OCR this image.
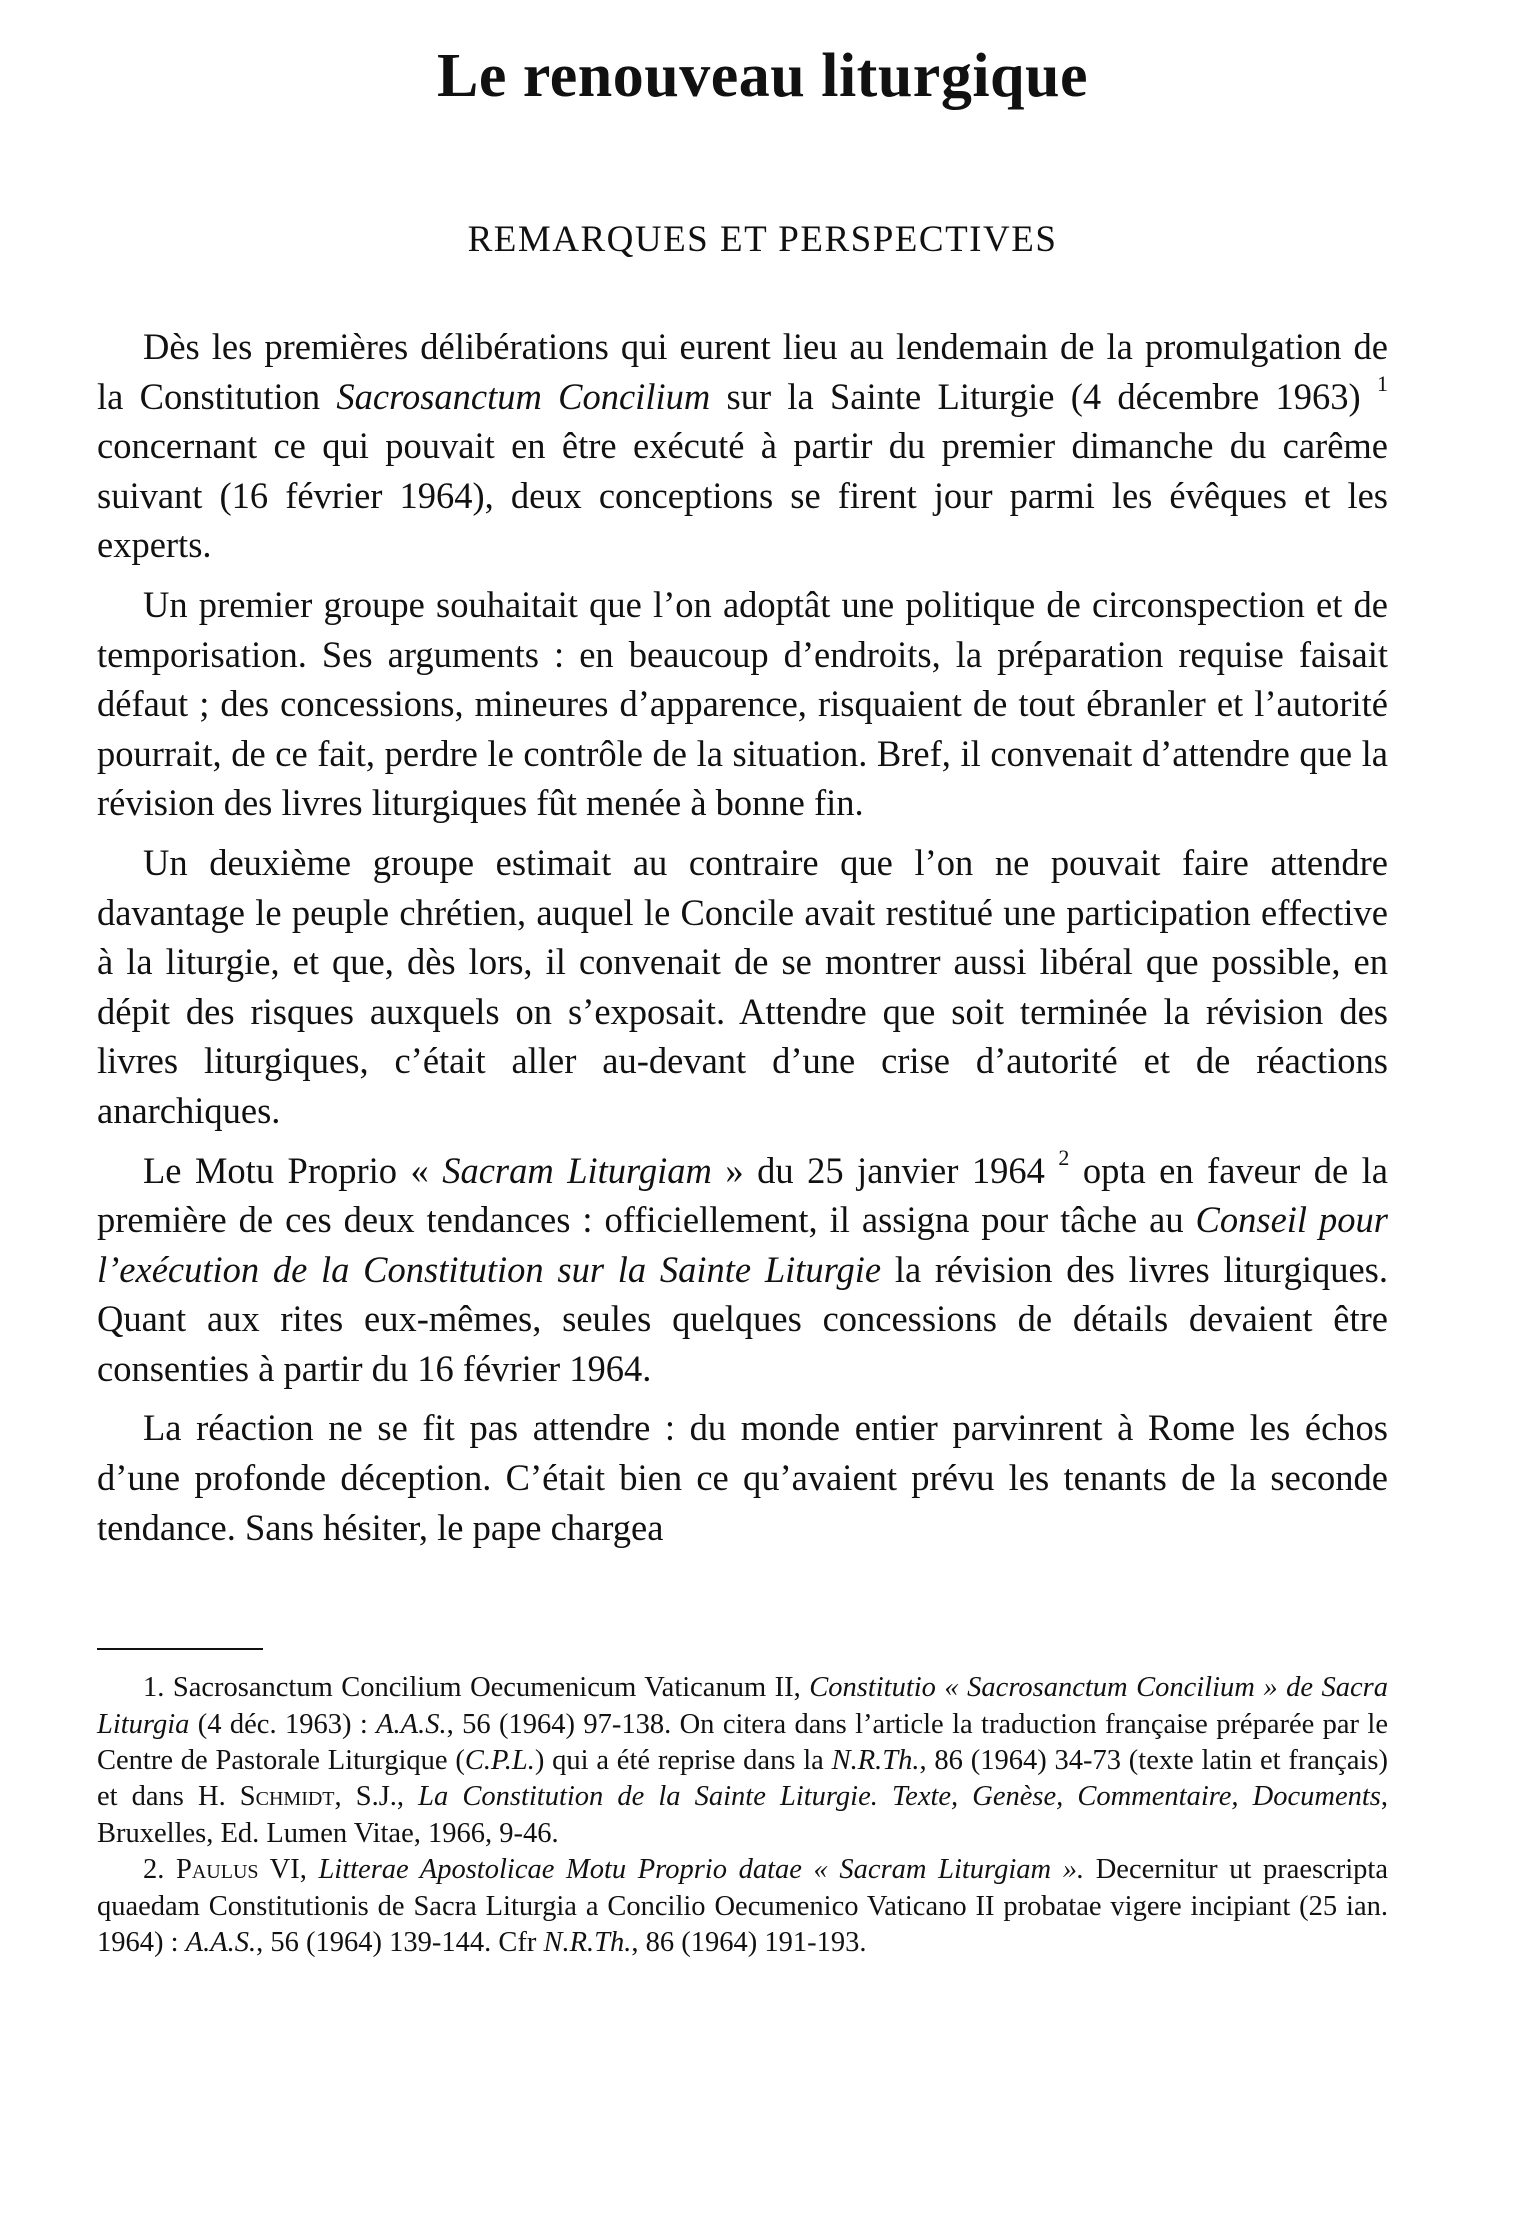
Le renouveau liturgique
REMARQUES ET PERSPECTIVES

Dès les premières délibérations qui eurent lieu au lendemain de la promulgation de la Constitution Sacrosanctum Concilium sur la Sainte Liturgie (4 décembre 1963) $^1$ concernant ce qui pouvait en être exécuté à partir du premier dimanche du carême suivant (16 février 1964), deux conceptions se firent jour parmi les évêques et les experts.

Un premier groupe souhaitait que l’on adoptât une politique de circonspection et de temporisation. Ses arguments : en beaucoup d’endroits, la préparation requise faisait défaut ; des concessions, mineures d’apparence, risquaient de tout ébranler et l’autorité pourrait, de ce fait, perdre le contrôle de la situation. Bref, il convenait d’attendre que la révision des livres liturgiques fût menée à bonne fin.

Un deuxième groupe estimait au contraire que l’on ne pouvait faire attendre davantage le peuple chrétien, auquel le Concile avait restitué une participation effective à la liturgie, et que, dès lors, il convenait de se montrer aussi libéral que possible, en dépit des risques auxquels on s’exposait. Attendre que soit terminée la révision des livres liturgiques, c’était aller au-devant d’une crise d’autorité et de réactions anarchiques.

Le Motu Proprio « Sacram Liturgiam » du 25 janvier 1964 $^2$ opta en faveur de la première de ces deux tendances : officiellement, il assigna pour tâche au Conseil pour l’exécution de la Constitution sur la Sainte Liturgie la révision des livres liturgiques. Quant aux rites eux-mêmes, seules quelques concessions de détails devaient être consenties à partir du 16 février 1964.

La réaction ne se fit pas attendre : du monde entier parvinrent à Rome les échos d’une profonde déception. C’était bien ce qu’avaient prévu les tenants de la seconde tendance. Sans hésiter, le pape chargea

1. Sacrosanctum Concilium Oecumenicum Vaticanum II, Constitutio « Sacrosanctum Concilium » de Sacra Liturgia (4 déc. 1963) : A.A.S., 56 (1964) 97-138. On citera dans l’article la traduction française préparée par le Centre de Pastorale Liturgique (C.P.L.) qui a été reprise dans la N.R.Th., 86 (1964) 34-73 (texte latin et français) et dans H. Schmidt, S.J., La Constitution de la Sainte Liturgie. Texte, Genèse, Commentaire, Documents, Bruxelles, Ed. Lumen Vitae, 1966, 9-46.

2. Paulus VI, Litterae Apostolicae Motu Proprio datae « Sacram Liturgiam ». Decernitur ut praescripta quaedam Constitutionis de Sacra Liturgia a Concilio Oecumenico Vaticano II probatae vigere incipiant (25 ian. 1964) : A.A.S., 56 (1964) 139-144. Cfr N.R.Th., 86 (1964) 191-193.
